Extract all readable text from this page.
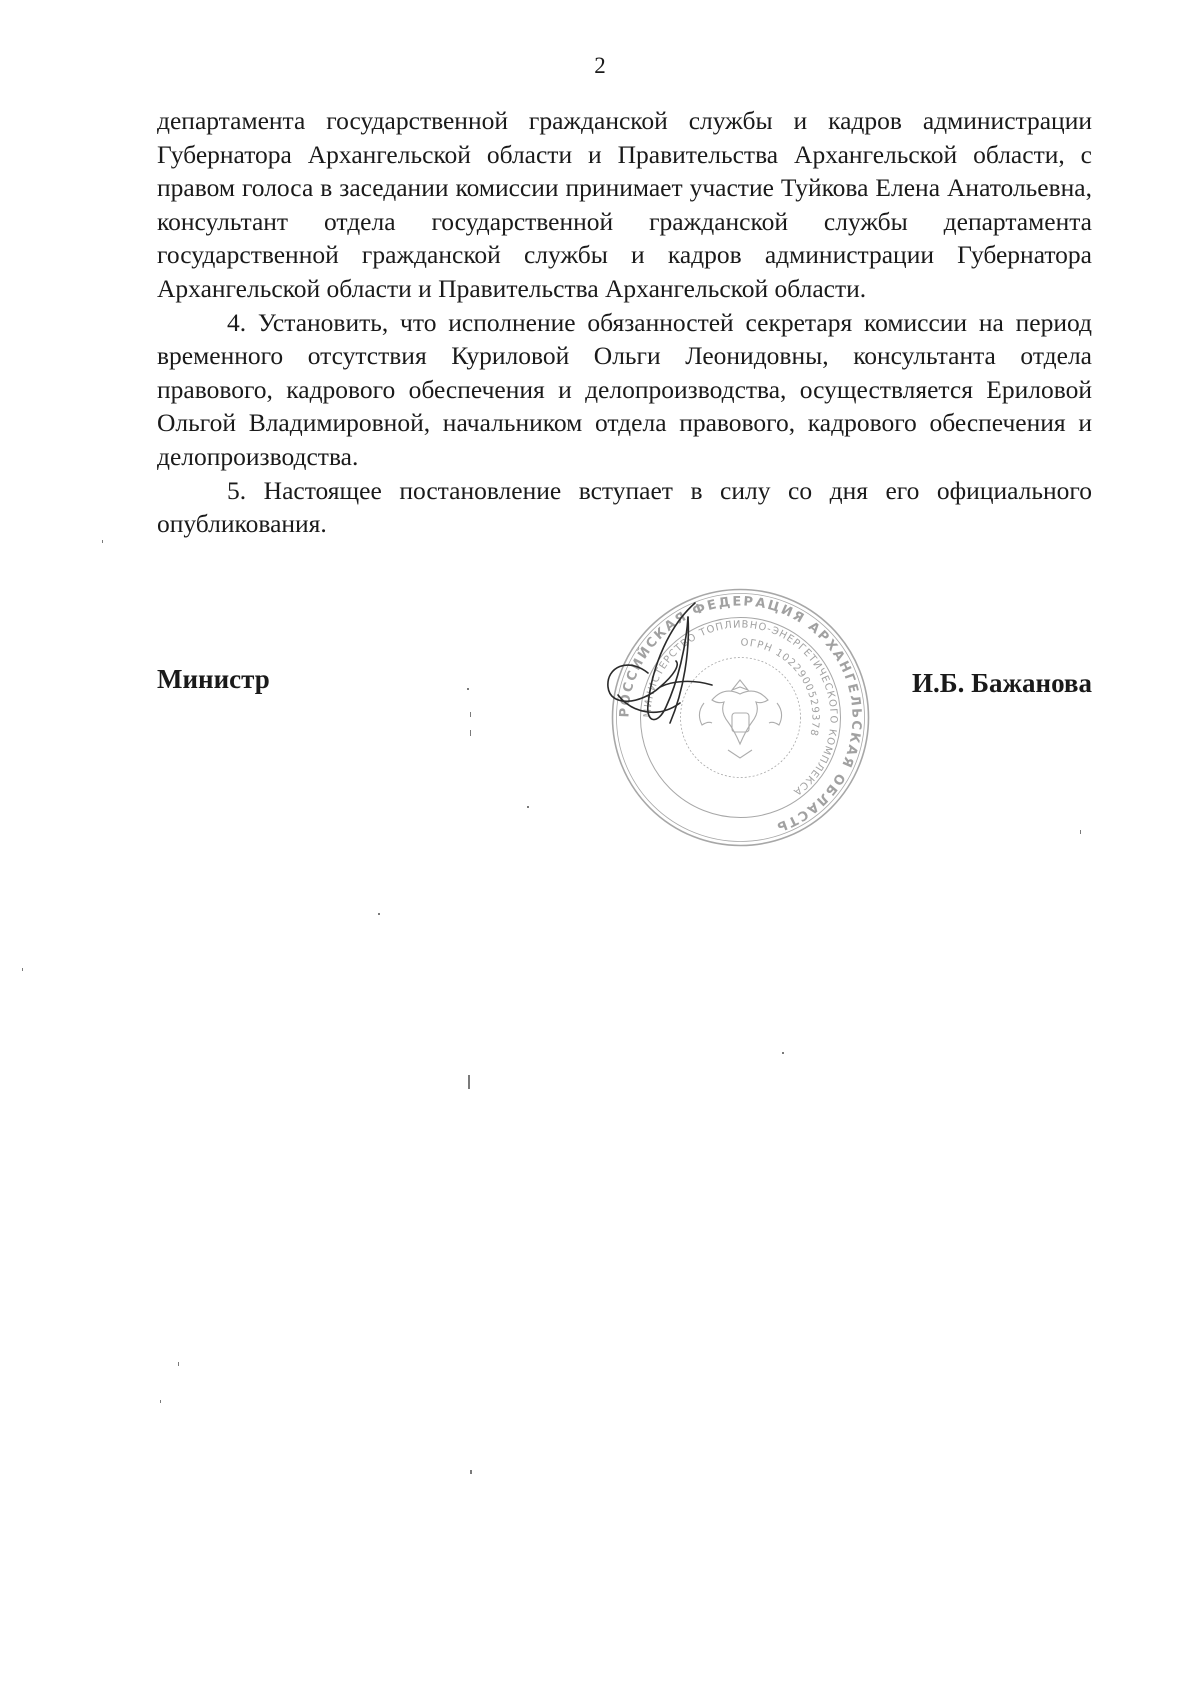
2

департамента государственной гражданской службы и кадров администрации Губернатора Архангельской области и Правительства Архангельской области, с правом голоса в заседании комиссии принимает участие Туйкова Елена Анатольевна, консультант отдела государственной гражданской службы департамента государственной гражданской службы и кадров администрации Губернатора Архангельской области и Правительства Архангельской области.

4. Установить, что исполнение обязанностей секретаря комиссии на период временного отсутствия Куриловой Ольги Леонидовны, консультанта отдела правового, кадрового обеспечения и делопроизводства, осуществляется Ериловой Ольгой Владимировной, начальником отдела правового, кадрового обеспечения и делопроизводства.

5. Настоящее постановление вступает в силу со дня его официального опубликования.

Министр	И.Б. Бажанова
РОССИЙСКАЯ ФЕДЕРАЦИЯ АРХАНГЕЛЬСКАЯ ОБЛАСТЬ
МИНИСТЕРСТВО ТОПЛИВНО-ЭНЕРГЕТИЧЕСКОГО КОМПЛЕКСА
ОГРН 1022900529378
